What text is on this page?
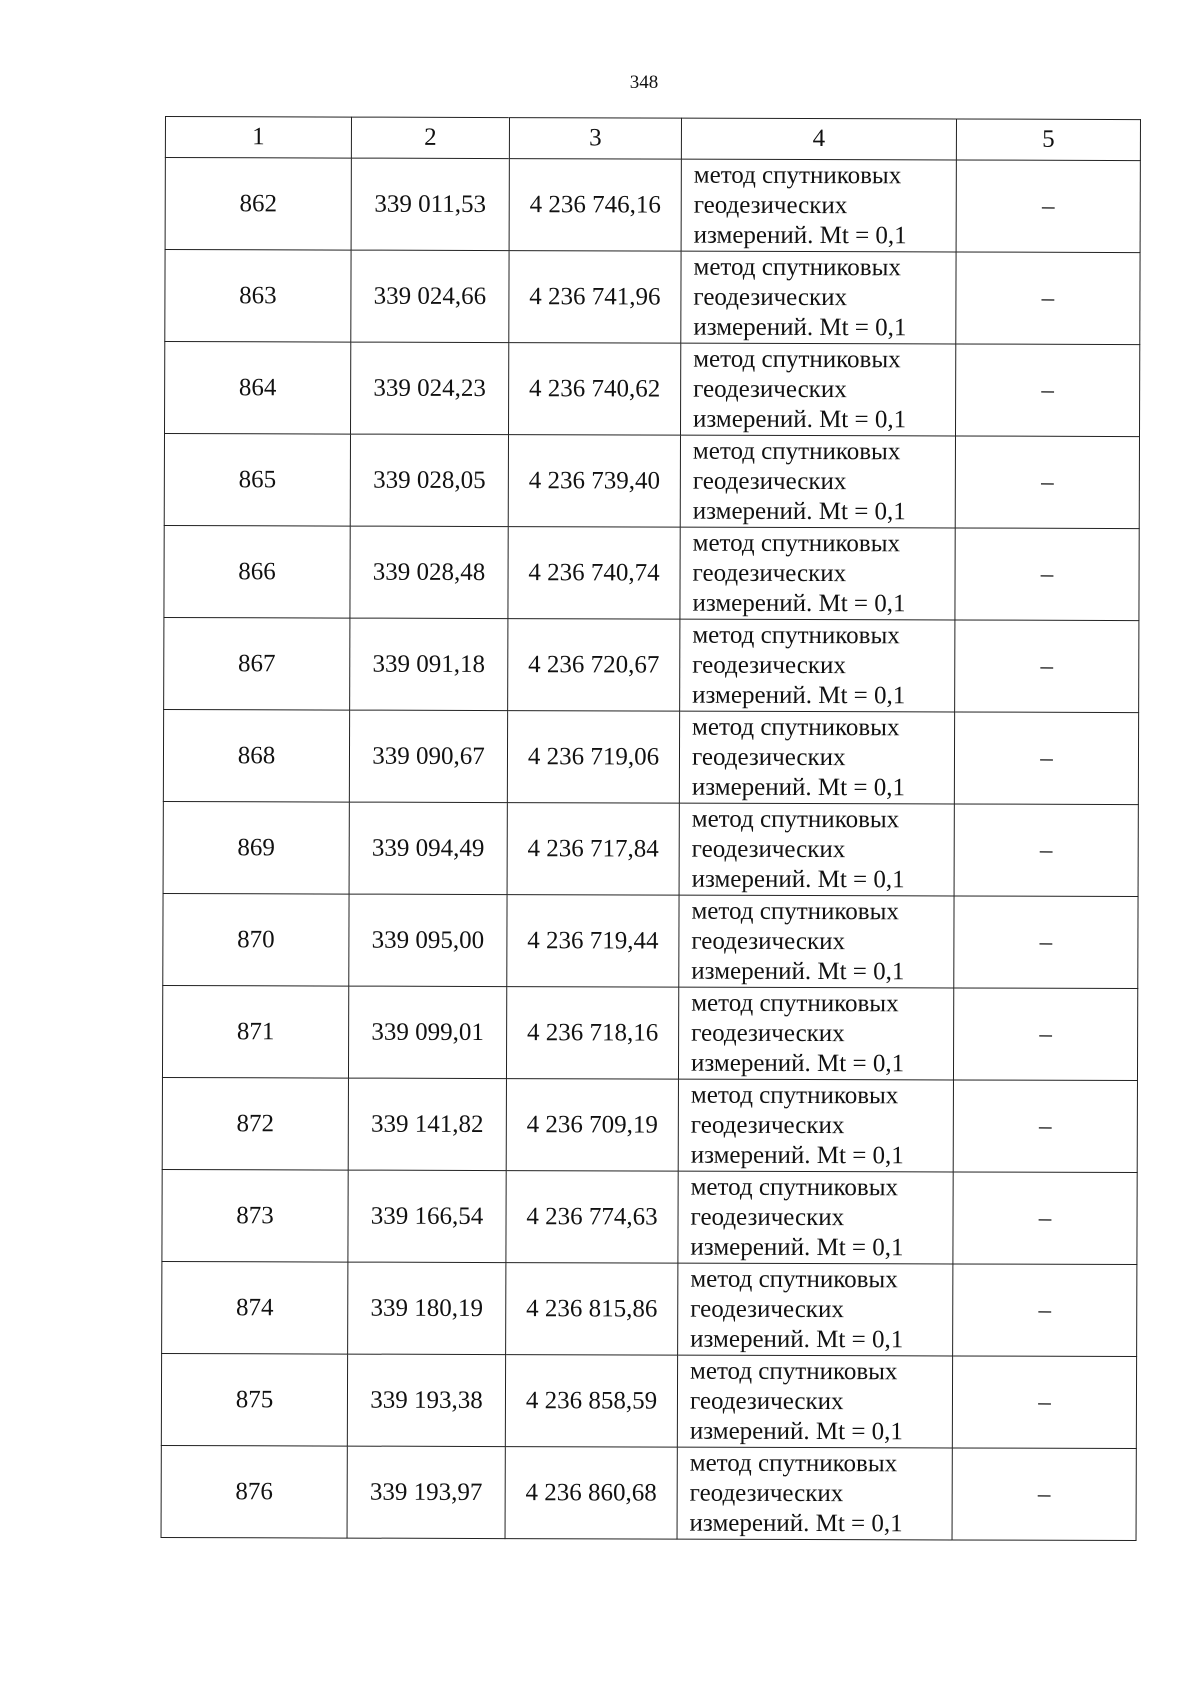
348
1	2	3	4	5
862	339 011,53	4 236 746,16	метод спутниковых
геодезических
измерений. Mt = 0,1	–
863	339 024,66	4 236 741,96	метод спутниковых
геодезических
измерений. Mt = 0,1	–
864	339 024,23	4 236 740,62	метод спутниковых
геодезических
измерений. Mt = 0,1	–
865	339 028,05	4 236 739,40	метод спутниковых
геодезических
измерений. Mt = 0,1	–
866	339 028,48	4 236 740,74	метод спутниковых
геодезических
измерений. Mt = 0,1	–
867	339 091,18	4 236 720,67	метод спутниковых
геодезических
измерений. Mt = 0,1	–
868	339 090,67	4 236 719,06	метод спутниковых
геодезических
измерений. Mt = 0,1	–
869	339 094,49	4 236 717,84	метод спутниковых
геодезических
измерений. Mt = 0,1	–
870	339 095,00	4 236 719,44	метод спутниковых
геодезических
измерений. Mt = 0,1	–
871	339 099,01	4 236 718,16	метод спутниковых
геодезических
измерений. Mt = 0,1	–
872	339 141,82	4 236 709,19	метод спутниковых
геодезических
измерений. Mt = 0,1	–
873	339 166,54	4 236 774,63	метод спутниковых
геодезических
измерений. Mt = 0,1	–
874	339 180,19	4 236 815,86	метод спутниковых
геодезических
измерений. Mt = 0,1	–
875	339 193,38	4 236 858,59	метод спутниковых
геодезических
измерений. Mt = 0,1	–
876	339 193,97	4 236 860,68	метод спутниковых
геодезических
измерений. Mt = 0,1	–
